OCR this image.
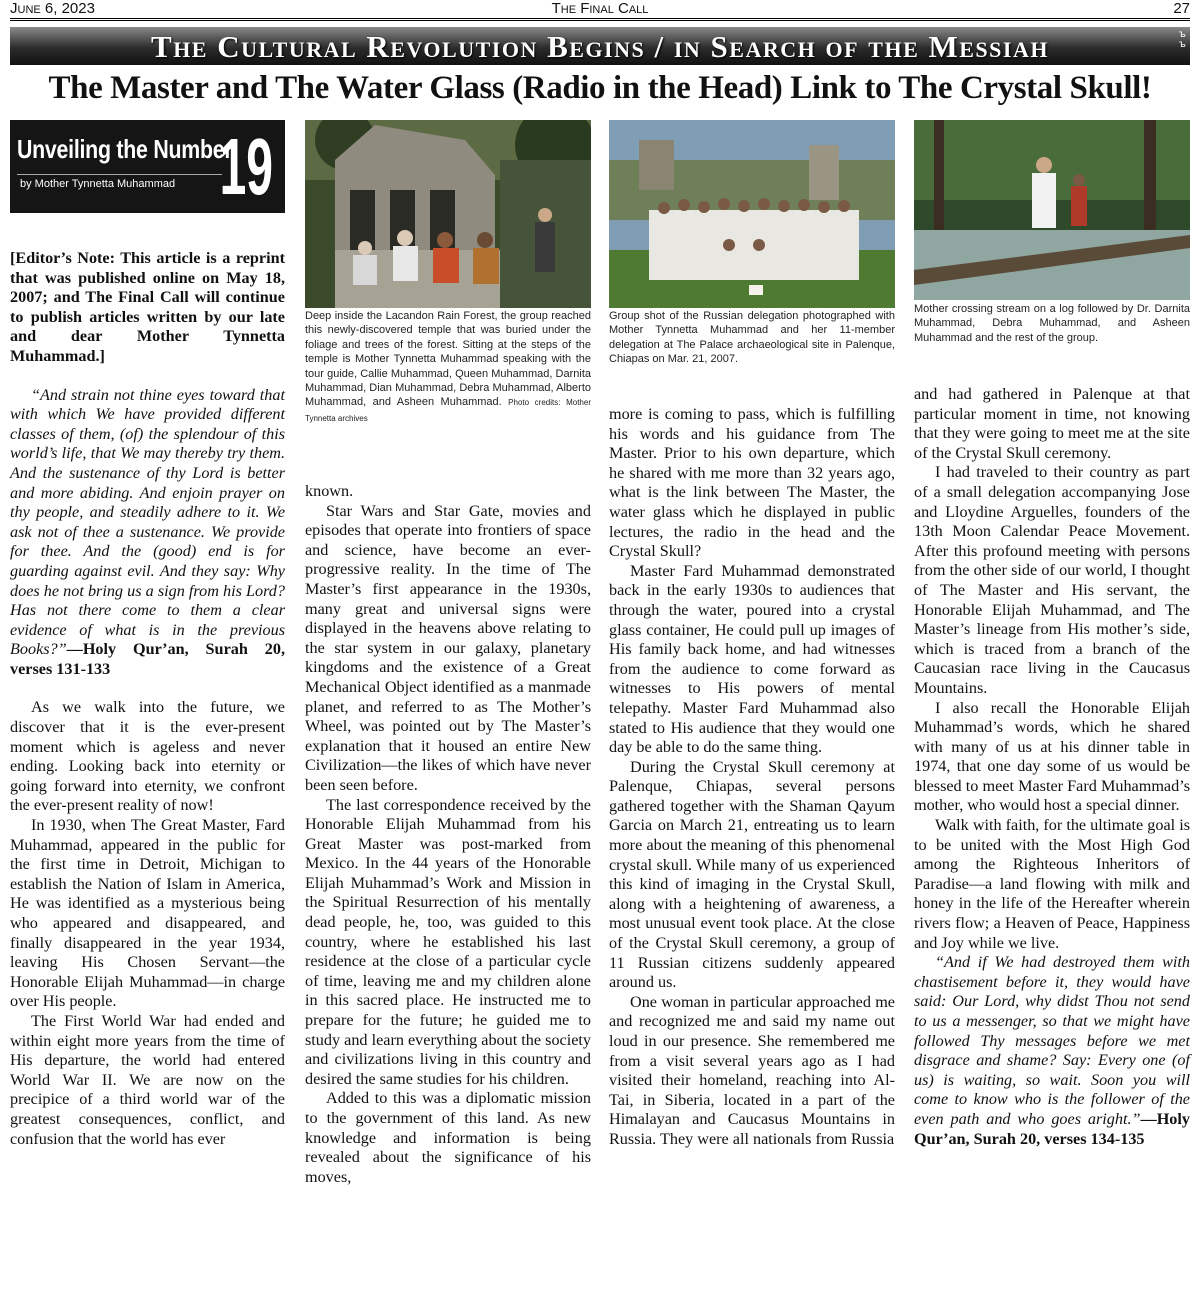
June 6, 2023	The Final Call	27
The Cultural Revolution Begins / in Search of the Messiah	ъ
ъ
The Master and The Water Glass (Radio in the Head) Link to The Crystal Skull!
Unveiling the Number
by Mother Tynnetta Muhammad 19
Deep inside the Lacandon Rain Forest, the group reached this newly-discovered temple that was buried under the foliage and trees of the forest. Sitting at the steps of the temple is Mother Tynnetta Muhammad speaking with the tour guide, Callie Muhammad, Queen Muhammad, Darnita Muhammad, Dian Muhammad, Debra Muhammad, Alberto Muhammad, and Asheen Muhammad. Photo credits: Mother Tynnetta archives
Group shot of the Russian delegation photographed with Mother Tynnetta Muhammad and her 11-member delegation at The Palace archaeological site in Palenque, Chiapas on Mar. 21, 2007.
Mother crossing stream on a log followed by Dr. Darnita Muhammad, Debra Muhammad, and Asheen Muhammad and the rest of the group.

[Editor’s Note: This article is a reprint that was published online on May 18, 2007; and The Final Call will continue to publish articles written by our late and dear Mother Tynnetta Muhammad.]

“And strain not thine eyes toward that with which We have provided different classes of them, (of) the splendour of this world’s life, that We may thereby try them. And the sustenance of thy Lord is better and more abiding. And enjoin prayer on thy people, and steadily adhere to it. We ask not of thee a sustenance. We provide for thee. And the (good) end is for guarding against evil. And they say: Why does he not bring us a sign from his Lord? Has not there come to them a clear evidence of what is in the previous Books?”—Holy Qur’an, Surah 20, verses 131-133

As we walk into the future, we discover that it is the ever-present moment which is ageless and never ending. Looking back into eternity or going forward into eternity, we confront the ever-present reality of now!

In 1930, when The Great Master, Fard Muhammad, appeared in the public for the first time in Detroit, Michigan to establish the Nation of Islam in America, He was identified as a mysterious being who appeared and disappeared, and finally disappeared in the year 1934, leaving His Chosen Servant—the Honorable Elijah Muhammad—in charge over His people.

The First World War had ended and within eight more years from the time of His departure, the world had entered World War II. We are now on the precipice of a third world war of the greatest consequences, conflict, and confusion that the world has ever

known.

Star Wars and Star Gate, movies and episodes that operate into frontiers of space and science, have become an ever-progressive reality. In the time of The Master’s first appearance in the 1930s, many great and universal signs were displayed in the heavens above relating to the star system in our galaxy, planetary kingdoms and the existence of a Great Mechanical Object identified as a manmade planet, and referred to as The Mother’s Wheel, was pointed out by The Master’s explanation that it housed an entire New Civilization—the likes of which have never been seen before.

The last correspondence received by the Honorable Elijah Muhammad from his Great Master was post-marked from Mexico. In the 44 years of the Honorable Elijah Muhammad’s Work and Mission in the Spiritual Resurrection of his mentally dead people, he, too, was guided to this country, where he established his last residence at the close of a particular cycle of time, leaving me and my children alone in this sacred place. He instructed me to prepare for the future; he guided me to study and learn everything about the society and civilizations living in this country and desired the same studies for his children.

Added to this was a diplomatic mission to the government of this land. As new knowledge and information is being revealed about the significance of his moves,

more is coming to pass, which is fulfilling his words and his guidance from The Master. Prior to his own departure, which he shared with me more than 32 years ago, what is the link between The Master, the water glass which he displayed in public lectures, the radio in the head and the Crystal Skull?

Master Fard Muhammad demonstrated back in the early 1930s to audiences that through the water, poured into a crystal glass container, He could pull up images of His family back home, and had witnesses from the audience to come forward as witnesses to His powers of mental telepathy. Master Fard Muhammad also stated to His audience that they would one day be able to do the same thing.

During the Crystal Skull ceremony at Palenque, Chiapas, several persons gathered together with the Shaman Qayum Garcia on March 21, entreating us to learn more about the meaning of this phenomenal crystal skull. While many of us experienced this kind of imaging in the Crystal Skull, along with a heightening of awareness, a most unusual event took place. At the close of the Crystal Skull ceremony, a group of 11 Russian citizens suddenly appeared around us.

One woman in particular approached me and recognized me and said my name out loud in our presence. She remembered me from a visit several years ago as I had visited their homeland, reaching into Al-Tai, in Siberia, located in a part of the Himalayan and Caucasus Mountains in Russia. They were all nationals from Russia

and had gathered in Palenque at that particular moment in time, not knowing that they were going to meet me at the site of the Crystal Skull ceremony.

I had traveled to their country as part of a small delegation accompanying Jose and Lloydine Arguelles, founders of the 13th Moon Calendar Peace Movement. After this profound meeting with persons from the other side of our world, I thought of The Master and His servant, the Honorable Elijah Muhammad, and The Master’s lineage from His mother’s side, which is traced from a branch of the Caucasian race living in the Caucasus Mountains.

I also recall the Honorable Elijah Muhammad’s words, which he shared with many of us at his dinner table in 1974, that one day some of us would be blessed to meet Master Fard Muhammad’s mother, who would host a special dinner.

Walk with faith, for the ultimate goal is to be united with the Most High God among the Righteous Inheritors of Paradise—a land flowing with milk and honey in the life of the Hereafter wherein rivers flow; a Heaven of Peace, Happiness and Joy while we live.

“And if We had destroyed them with chastisement before it, they would have said: Our Lord, why didst Thou not send to us a messenger, so that we might have followed Thy messages before we met disgrace and shame? Say: Every one (of us) is waiting, so wait. Soon you will come to know who is the follower of the even path and who goes aright.”—Holy Qur’an, Surah 20, verses 134-135
